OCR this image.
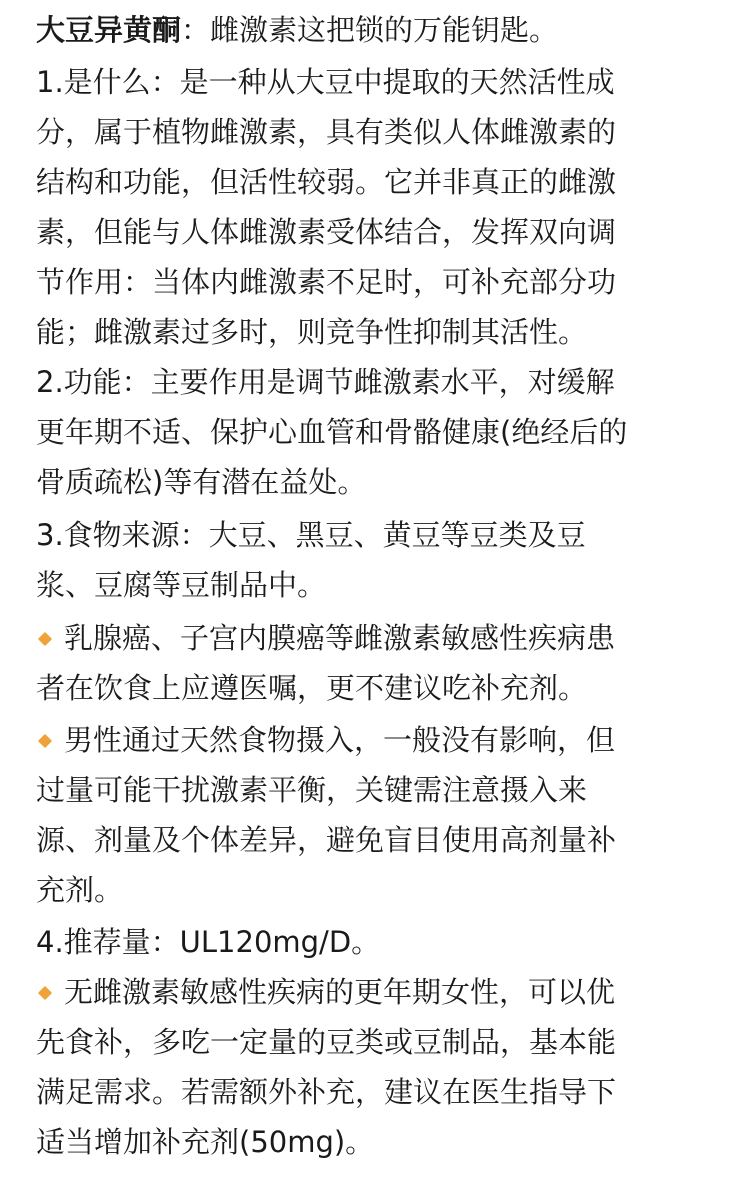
大豆异黄酮：雌激素这把锁的万能钥匙。
1.是什么：是一种从大豆中提取的天然活性成
分，属于植物雌激素，具有类似人体雌激素的
结构和功能，但活性较弱。它并非真正的雌激
素，但能与人体雌激素受体结合，发挥双向调
节作用：当体内雌激素不足时，可补充部分功
能；雌激素过多时，则竞争性抑制其活性。
2.功能：主要作用是调节雌激素水平，对缓解
更年期不适、保护心血管和骨骼健康(绝经后的
骨质疏松)等有潜在益处。
3.食物来源：大豆、黑豆、黄豆等豆类及豆
浆、豆腐等豆制品中。
乳腺癌、子宫内膜癌等雌激素敏感性疾病患
者在饮食上应遵医嘱，更不建议吃补充剂。
男性通过天然食物摄入，一般没有影响，但
过量可能干扰激素平衡，关键需注意摄入来
源、剂量及个体差异，避免盲目使用高剂量补
充剂。
4.推荐量：UL120mg/D。
无雌激素敏感性疾病的更年期女性，可以优
先食补，多吃一定量的豆类或豆制品，基本能
满足需求。若需额外补充，建议在医生指导下
适当增加补充剂(50mg)。
